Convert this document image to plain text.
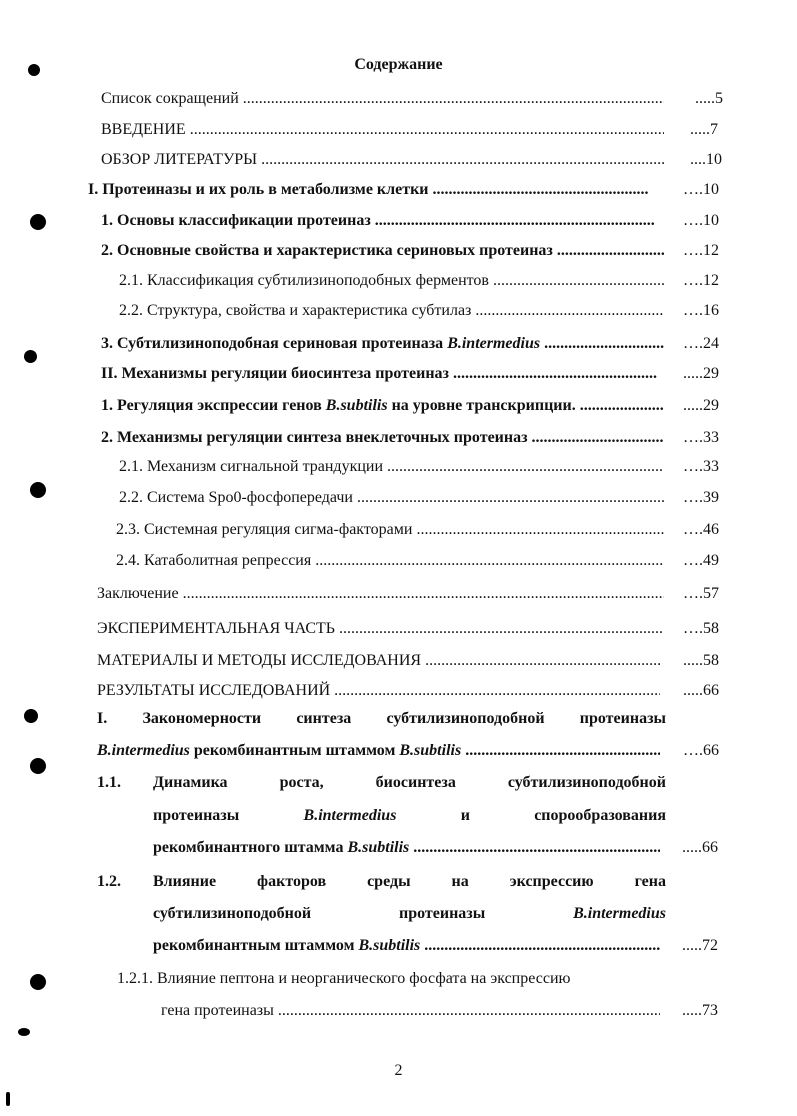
Содержание
Список сокращений .....	.....5
ВВЕДЕНИЕ .....	.....7
ОБЗОР ЛИТЕРАТУРЫ .....	....10
I. Протеиназы и их роль в метаболизме клетки .....	….10
1. Основы классификации протеиназ .....	….10
2. Основные свойства и характеристика сериновых протеиназ .....	….12
2.1. Классификация субтилизиноподобных ферментов .....	….12
2.2. Структура, свойства и характеристика субтилаз .....	….16
3. Субтилизиноподобная сериновая протеиназа B.intermedius .....	….24
II. Механизмы регуляции биосинтеза протеиназ .....	.....29
1. Регуляция экспрессии генов B.subtilis на уровне транскрипции. .....	.....29
2. Механизмы регуляции синтеза внеклеточных протеиназ .....	….33
2.1. Механизм сигнальной трандукции .....	….33
2.2. Система Spo0-фосфопередачи .....	….39
2.3. Системная регуляция сигма-факторами .....	….46
2.4. Катаболитная репрессия .....	….49
Заключение .....	….57
ЭКСПЕРИМЕНТАЛЬНАЯ ЧАСТЬ .....	….58
МАТЕРИАЛЫ И МЕТОДЫ ИССЛЕДОВАНИЯ .....	.....58
РЕЗУЛЬТАТЫ ИССЛЕДОВАНИЙ .....	.....66
I. Закономерности синтеза субтилизиноподобной протеиназы
B.intermedius рекомбинантным штаммом B.subtilis .....	….66
1.1. Динамика	роста,	биосинтеза	субтилизиноподобной
протеиназы	B.intermedius	и	спорообразования
рекомбинантного штамма B.subtilis .....	.....66
1.2. Влияние	факторов	среды	на	экспрессию	гена
субтилизиноподобной	протеиназы	B.intermedius
рекомбинантным штаммом B.subtilis .....	.....72
1.2.1. Влияние пептона и неорганического фосфата на экспрессию
гена протеиназы .....	.....73
2
